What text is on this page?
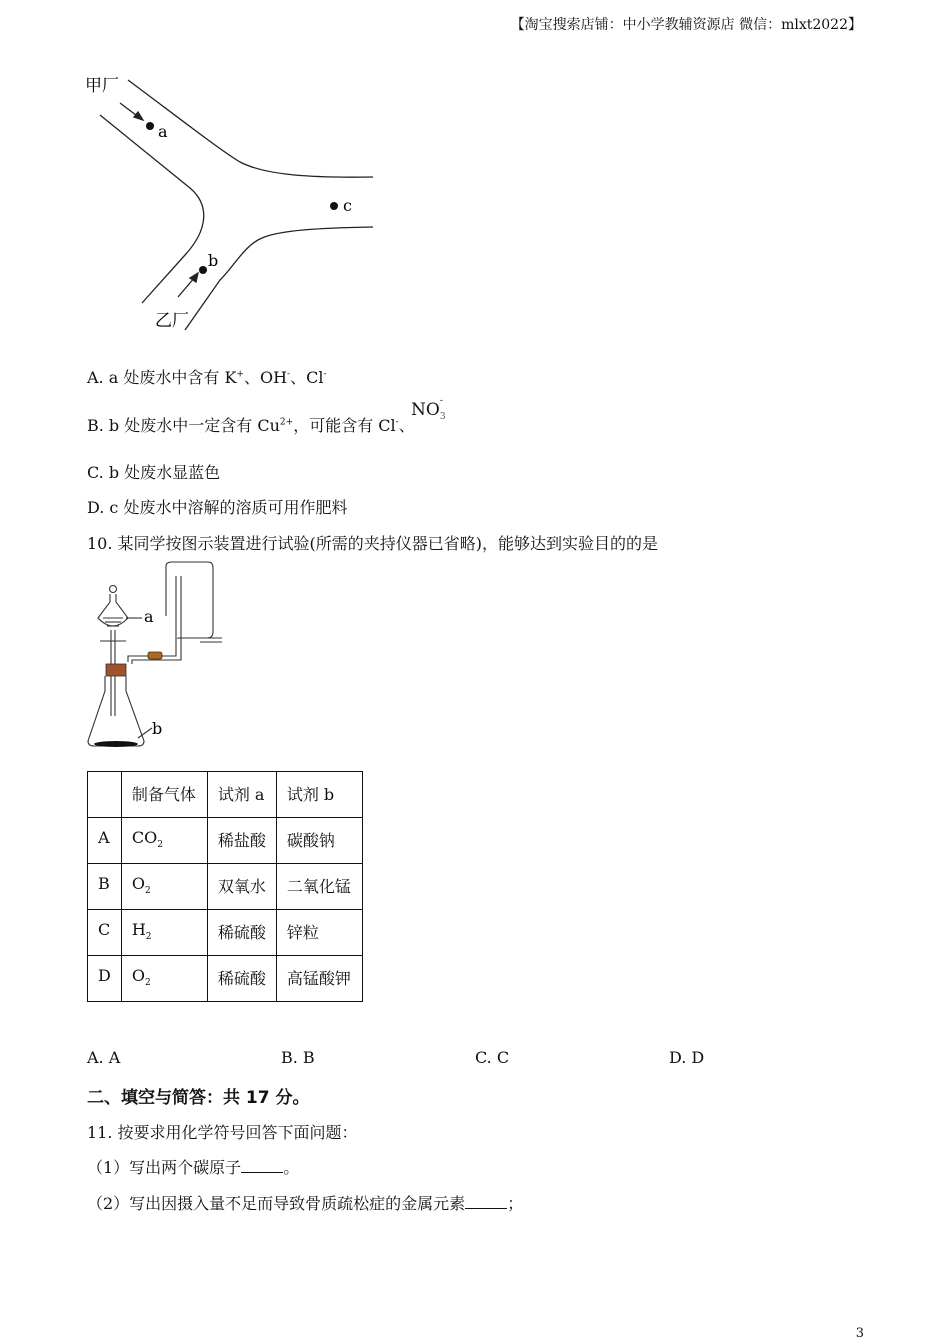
【淘宝搜索店铺：中小学教辅资源店 微信：mlxt2022】
甲厂
乙厂
a
b
c
A. a 处废水中含有 K+、OH-、Cl-
B. b 处废水中一定含有 $Cu^{2+}$，可能含有 Cl-、
NO -
3
C. b 处废水显蓝色
D. c 处废水中溶解的溶质可用作肥料
10. 某同学按图示装置进行试验(所需的夹持仪器已省略)，能够达到实验目的的是
a
b
	制备气体	试剂 a	试剂 b
A	$CO_2$	稀盐酸	碳酸钠
B	$O_2$	双氧水	二氧化锰
C	$H_2$	稀硫酸	锌粒
D	$O_2$	稀硫酸	高锰酸钾
A. A	B. B	C. C	D. D
二、填空与简答：共 17 分。
11. 按要求用化学符号回答下面问题：
（1）写出两个碳原子	。
（2）写出因摄入量不足而导致骨质疏松症的金属元素	；
3
